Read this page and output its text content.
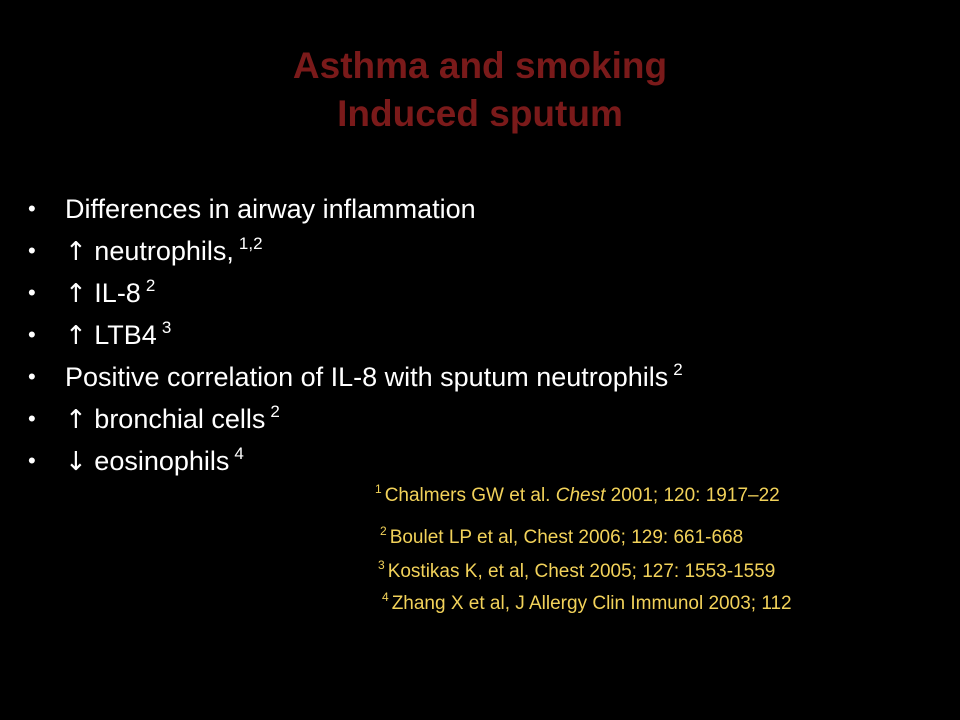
Asthma and smoking
Induced sputum
•	Differences in airway inflammation
•	↑ neutrophils, $^{1,2}$
•	↑ IL-8 $^2$
•	↑ LTB4 $^3$
•	Positive correlation of IL-8 with sputum neutrophils $^2$
•	↑ bronchial cells $^2$
•	↓ eosinophils $^4$
$^1$ Chalmers GW et al. Chest 2001; 120: 1917–22
$^2$ Boulet LP et al, Chest 2006; 129: 661-668
$^3$ Kostikas K, et al, Chest 2005; 127: 1553-1559
$^4$ Zhang X et al, J Allergy Clin Immunol 2003; 112
